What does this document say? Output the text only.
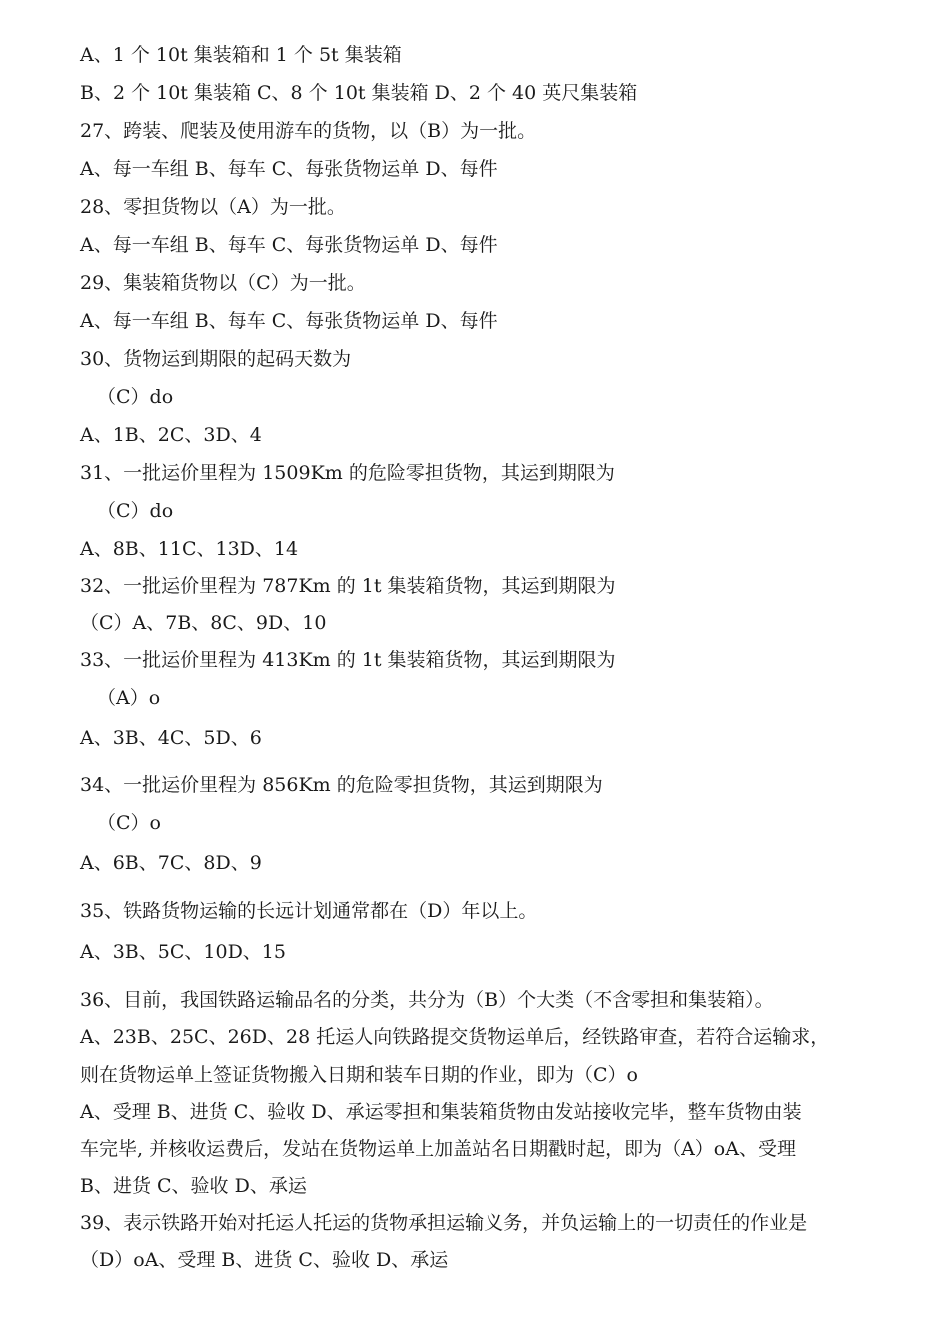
A、1 个 10t 集装箱和 1 个 5t 集装箱
B、2 个 10t 集装箱 C、8 个 10t 集装箱 D、2 个 40 英尺集装箱
27、跨装、爬装及使用游车的货物，以（B）为一批。
A、每一车组 B、每车 C、每张货物运单 D、每件
28、零担货物以（A）为一批。
A、每一车组 B、每车 C、每张货物运单 D、每件
29、集装箱货物以（C）为一批。
A、每一车组 B、每车 C、每张货物运单 D、每件
30、货物运到期限的起码天数为
（C）do
A、1B、2C、3D、4
31、一批运价里程为 1509Km 的危险零担货物，其运到期限为
（C）do
A、8B、11C、13D、14
32、一批运价里程为 787Km 的 1t 集装箱货物，其运到期限为
（C）A、7B、8C、9D、10
33、一批运价里程为 413Km 的 1t 集装箱货物，其运到期限为
（A）o
A、3B、4C、5D、6
34、一批运价里程为 856Km 的危险零担货物，其运到期限为
（C）o
A、6B、7C、8D、9
35、铁路货物运输的长远计划通常都在（D）年以上。
A、3B、5C、10D、15
36、目前，我国铁路运输品名的分类，共分为（B）个大类（不含零担和集装箱）。
A、23B、25C、26D、28 托运人向铁路提交货物运单后，经铁路审查，若符合运输求，
则在货物运单上签证货物搬入日期和装车日期的作业，即为（C）o
A、受理 B、进货 C、验收 D、承运零担和集装箱货物由发站接收完毕，整车货物由装
车完毕, 并核收运费后，发站在货物运单上加盖站名日期戳时起，即为（A）oA、受理
B、进货 C、验收 D、承运
39、表示铁路开始对托运人托运的货物承担运输义务，并负运输上的一切责任的作业是
（D）oA、受理 B、进货 C、验收 D、承运
